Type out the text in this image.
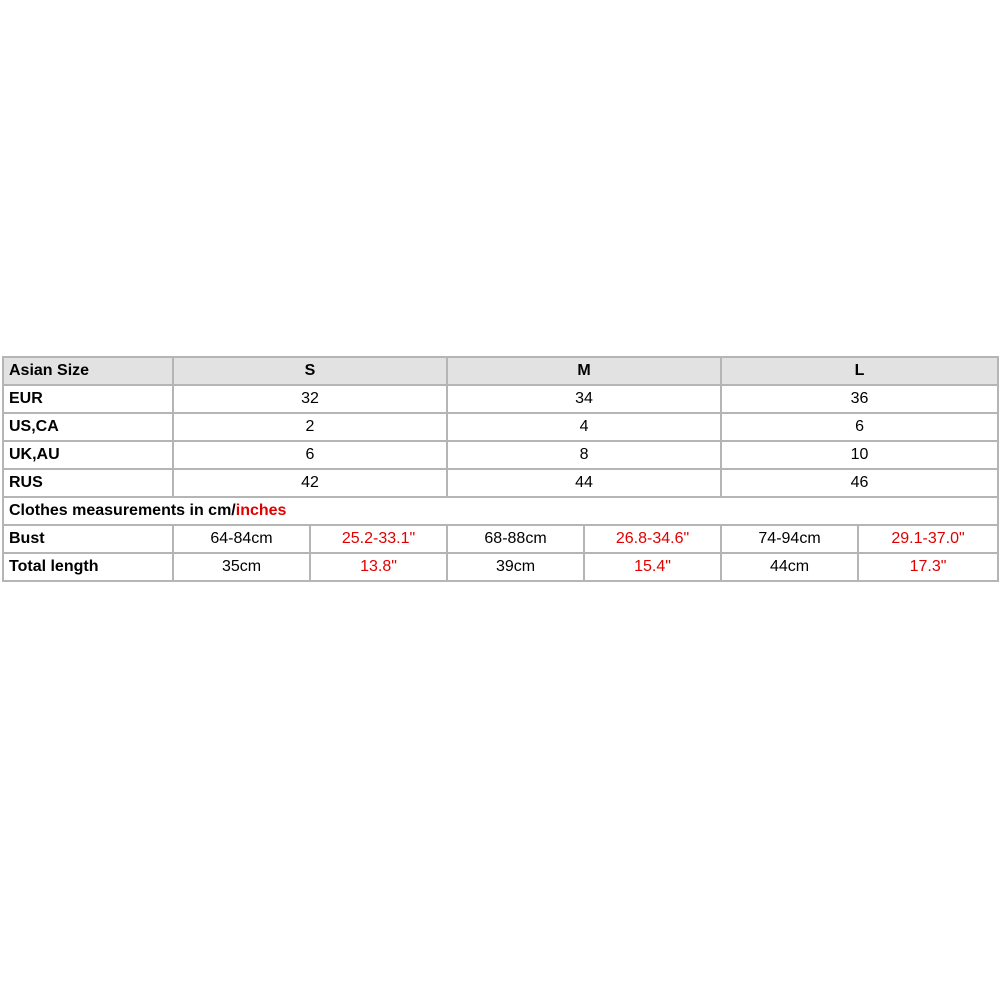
Asian Size	S		M		L	
EUR	32		34		36	
US,CA	2		4		6	
UK,AU	6		8		10	
RUS	42		44		46	
Clothes measurements in cm/inches						
Bust	64-84cm	25.2-33.1"	68-88cm	26.8-34.6"	74-94cm	29.1-37.0"
Total length	35cm	13.8"	39cm	15.4"	44cm	17.3"
